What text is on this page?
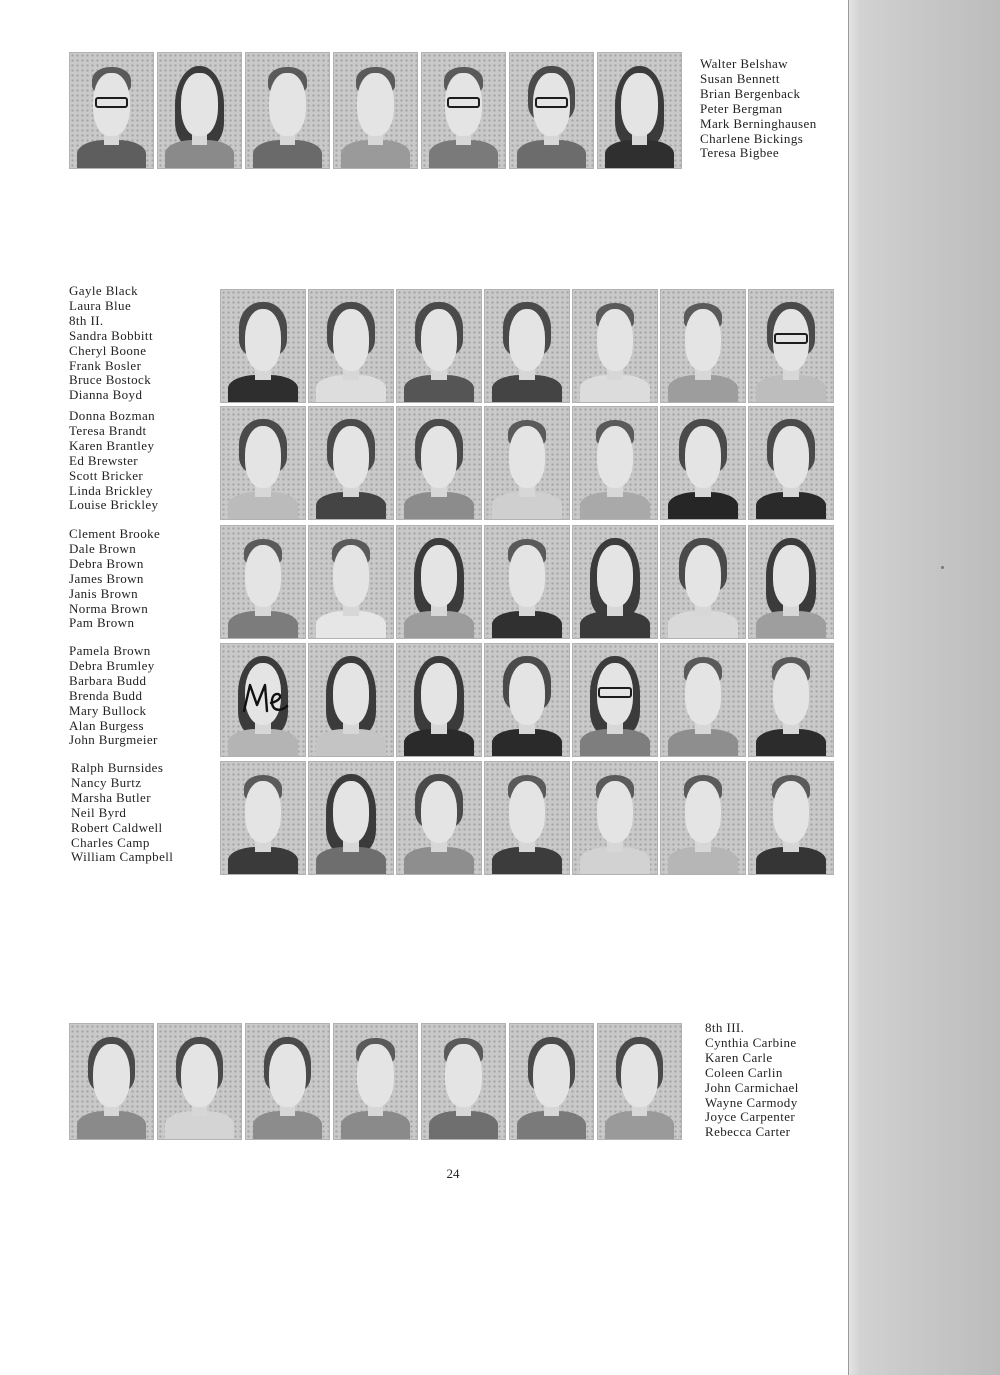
Walter Belshaw
Susan Bennett
Brian Bergenback
Peter Bergman
Mark Berninghausen
Charlene Bickings
Teresa Bigbee
Gayle Black
Laura Blue
8th II.
Sandra Bobbitt
Cheryl Boone
Frank Bosler
Bruce Bostock
Dianna Boyd
Donna Bozman
Teresa Brandt
Karen Brantley
Ed Brewster
Scott Bricker
Linda Brickley
Louise Brickley
Clement Brooke
Dale Brown
Debra Brown
James Brown
Janis Brown
Norma Brown
Pam Brown
Pamela Brown
Debra Brumley
Barbara Budd
Brenda Budd
Mary Bullock
Alan Burgess
John Burgmeier
Ralph Burnsides
Nancy Burtz
Marsha Butler
Neil Byrd
Robert Caldwell
Charles Camp
William Campbell
8th III.
Cynthia Carbine
Karen Carle
Coleen Carlin
John Carmichael
Wayne Carmody
Joyce Carpenter
Rebecca Carter
24
